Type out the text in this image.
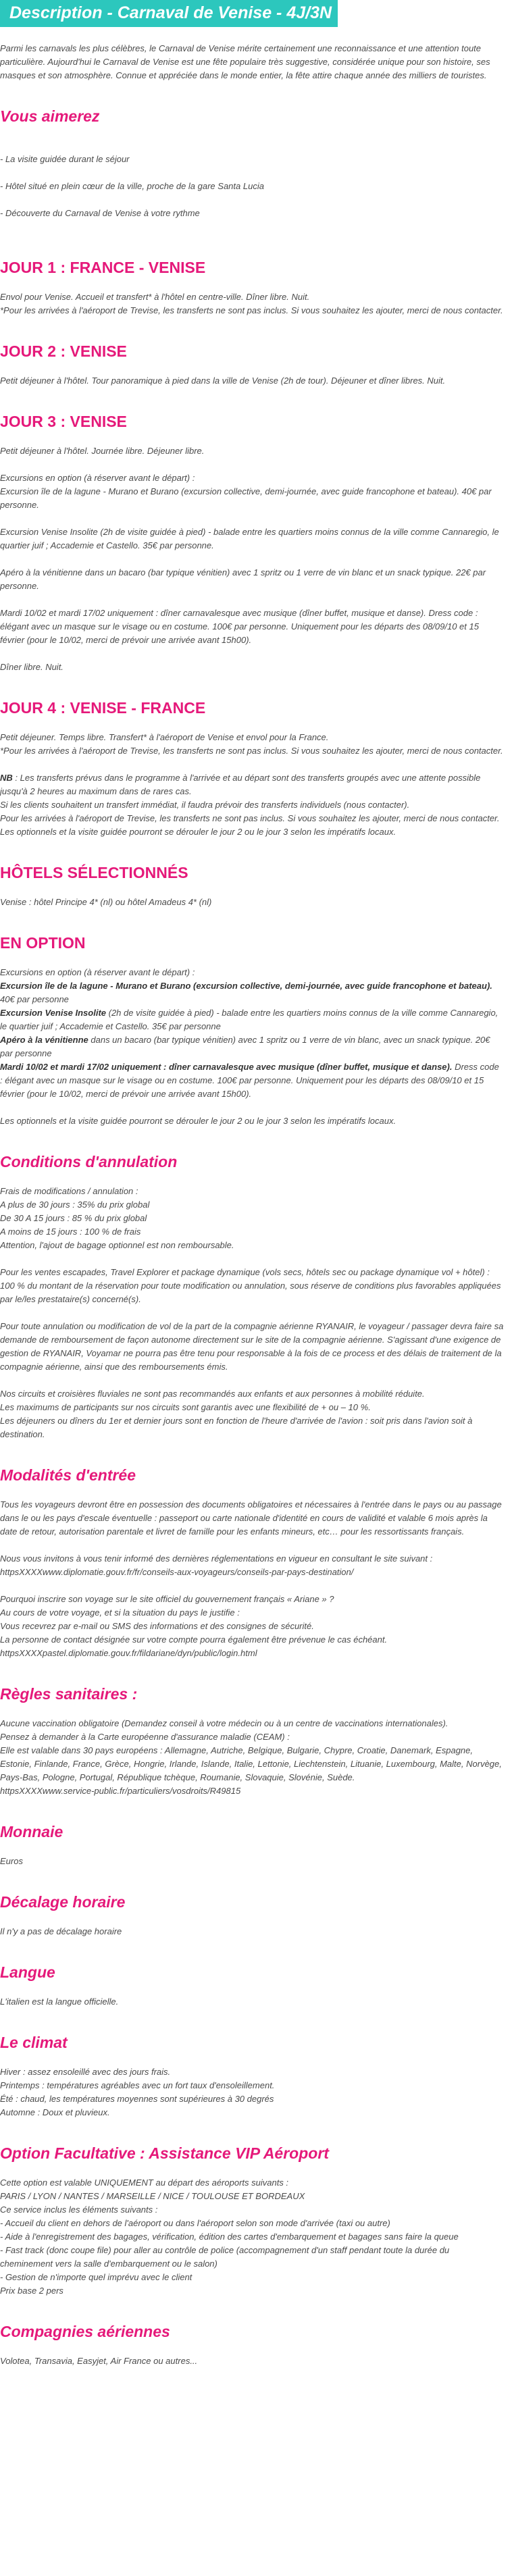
Description - Carnaval de Venise - 4J/3N

Parmi les carnavals les plus célèbres, le Carnaval de Venise mérite certainement une reconnaissance et une attention toute particulière. Aujourd'hui le Carnaval de Venise est une fête populaire très suggestive, considérée unique pour son histoire, ses masques et son atmosphère. Connue et appréciée dans le monde entier, la fête attire chaque année des milliers de touristes.

Vous aimerez

- La visite guidée durant le séjour

- Hôtel situé en plein cœur de la ville, proche de la gare Santa Lucia

- Découverte du Carnaval de Venise à votre rythme

JOUR 1 : FRANCE - VENISE

Envol pour Venise. Accueil et transfert* à l'hôtel en centre-ville. Dîner libre. Nuit.
*Pour les arrivées à l'aéroport de Trevise, les transferts ne sont pas inclus. Si vous souhaitez les ajouter, merci de nous contacter.

JOUR 2 : VENISE

Petit déjeuner à l'hôtel. Tour panoramique à pied dans la ville de Venise (2h de tour). Déjeuner et dîner libres. Nuit.

JOUR 3 : VENISE

Petit déjeuner à l'hôtel. Journée libre. Déjeuner libre.

Excursions en option (à réserver avant le départ) :
Excursion île de la lagune - Murano et Burano (excursion collective, demi-journée, avec guide francophone et bateau). 40€ par personne.

Excursion Venise Insolite (2h de visite guidée à pied) - balade entre les quartiers moins connus de la ville comme Cannaregio, le quartier juif ; Accademie et Castello. 35€ par personne.

Apéro à la vénitienne dans un bacaro (bar typique vénitien) avec 1 spritz ou 1 verre de vin blanc et un snack typique. 22€ par personne.

Mardi 10/02 et mardi 17/02 uniquement : dîner carnavalesque avec musique (dîner buffet, musique et danse). Dress code : élégant avec un masque sur le visage ou en costume. 100€ par personne. Uniquement pour les départs des 08/09/10 et 15 février (pour le 10/02, merci de prévoir une arrivée avant 15h00).

Dîner libre. Nuit.

JOUR 4 : VENISE - FRANCE

Petit déjeuner. Temps libre. Transfert* à l'aéroport de Venise et envol pour la France.
*Pour les arrivées à l'aéroport de Trevise, les transferts ne sont pas inclus. Si vous souhaitez les ajouter, merci de nous contacter.

NB : Les transferts prévus dans le programme à l'arrivée et au départ sont des transferts groupés avec une attente possible jusqu'à 2 heures au maximum dans de rares cas.
Si les clients souhaitent un transfert immédiat, il faudra prévoir des transferts individuels (nous contacter).
Pour les arrivées à l'aéroport de Trevise, les transferts ne sont pas inclus. Si vous souhaitez les ajouter, merci de nous contacter.
Les optionnels et la visite guidée pourront se dérouler le jour 2 ou le jour 3 selon les impératifs locaux.

HÔTELS SÉLECTIONNÉS

Venise : hôtel Principe 4* (nl) ou hôtel Amadeus 4* (nl)

EN OPTION

Excursions en option (à réserver avant le départ) :

Excursion île de la lagune - Murano et Burano (excursion collective, demi-journée, avec guide francophone et bateau). 40€ par personne

Excursion Venise Insolite (2h de visite guidée à pied) - balade entre les quartiers moins connus de la ville comme Cannaregio, le quartier juif ; Accademie et Castello. 35€ par personne

Apéro à la vénitienne dans un bacaro (bar typique vénitien) avec 1 spritz ou 1 verre de vin blanc, avec un snack typique. 20€ par personne

Mardi 10/02 et mardi 17/02 uniquement : dîner carnavalesque avec musique (dîner buffet, musique et danse). Dress code : élégant avec un masque sur le visage ou en costume. 100€ par personne. Uniquement pour les départs des 08/09/10 et 15 février (pour le 10/02, merci de prévoir une arrivée avant 15h00).

Les optionnels et la visite guidée pourront se dérouler le jour 2 ou le jour 3 selon les impératifs locaux.

Conditions d'annulation

Frais de modifications / annulation :
A plus de 30 jours : 35% du prix global
De 30 A 15 jours : 85 % du prix global
A moins de 15 jours : 100 % de frais
Attention, l'ajout de bagage optionnel est non remboursable.

Pour les ventes escapades, Travel Explorer et package dynamique (vols secs, hôtels sec ou package dynamique vol + hôtel) : 100 % du montant de la réservation pour toute modification ou annulation, sous réserve de conditions plus favorables appliquées par le/les prestataire(s) concerné(s).

Pour toute annulation ou modification de vol de la part de la compagnie aérienne RYANAIR, le voyageur / passager devra faire sa demande de remboursement de façon autonome directement sur le site de la compagnie aérienne. S'agissant d'une exigence de gestion de RYANAIR, Voyamar ne pourra pas être tenu pour responsable à la fois de ce process et des délais de traitement de la compagnie aérienne, ainsi que des remboursements émis.

Nos circuits et croisières fluviales ne sont pas recommandés aux enfants et aux personnes à mobilité réduite.
Les maximums de participants sur nos circuits sont garantis avec une flexibilité de + ou – 10 %.
Les déjeuners ou dîners du 1er et dernier jours sont en fonction de l'heure d'arrivée de l'avion : soit pris dans l'avion soit à destination.

Modalités d'entrée

Tous les voyageurs devront être en possession des documents obligatoires et nécessaires à l'entrée dans le pays ou au passage dans le ou les pays d'escale éventuelle : passeport ou carte nationale d'identité en cours de validité et valable 6 mois après la date de retour, autorisation parentale et livret de famille pour les enfants mineurs, etc… pour les ressortissants français.

Nous vous invitons à vous tenir informé des dernières réglementations en vigueur en consultant le site suivant : httpsXXXXwww.diplomatie.gouv.fr/fr/conseils-aux-voyageurs/conseils-par-pays-destination/

Pourquoi inscrire son voyage sur le site officiel du gouvernement français « Ariane » ?
Au cours de votre voyage, et si la situation du pays le justifie :
Vous recevrez par e-mail ou SMS des informations et des consignes de sécurité.
La personne de contact désignée sur votre compte pourra également être prévenue le cas échéant.
httpsXXXXpastel.diplomatie.gouv.fr/fildariane/dyn/public/login.html

Règles sanitaires :

Aucune vaccination obligatoire (Demandez conseil à votre médecin ou à un centre de vaccinations internationales).
Pensez à demander à la Carte européenne d'assurance maladie (CEAM) :
Elle est valable dans 30 pays européens : Allemagne, Autriche, Belgique, Bulgarie, Chypre, Croatie, Danemark, Espagne, Estonie, Finlande, France, Grèce, Hongrie, Irlande, Islande, Italie, Lettonie, Liechtenstein, Lituanie, Luxembourg, Malte, Norvège, Pays-Bas, Pologne, Portugal, République tchèque, Roumanie, Slovaquie, Slovénie, Suède.
httpsXXXXwww.service-public.fr/particuliers/vosdroits/R49815

Monnaie

Euros

Décalage horaire

Il n'y a pas de décalage horaire

Langue

L'italien est la langue officielle.

Le climat

Hiver : assez ensoleillé avec des jours frais.
Printemps : températures agréables avec un fort taux d'ensoleillement.
Été : chaud, les températures moyennes sont supérieures à 30 degrés
Automne : Doux et pluvieux.

Option Facultative : Assistance VIP Aéroport

Cette option est valable UNIQUEMENT au départ des aéroports suivants :
PARIS / LYON / NANTES / MARSEILLE / NICE / TOULOUSE ET BORDEAUX
Ce service inclus les éléments suivants :
- Accueil du client en dehors de l'aéroport ou dans l'aéroport selon son mode d'arrivée (taxi ou autre)
- Aide à l'enregistrement des bagages, vérification, édition des cartes d'embarquement et bagages sans faire la queue
- Fast track (donc coupe file) pour aller au contrôle de police (accompagnement d'un staff pendant toute la durée du cheminement vers la salle d'embarquement ou le salon)
- Gestion de n'importe quel imprévu avec le client
Prix base 2 pers

Compagnies aériennes

Volotea, Transavia, Easyjet, Air France ou autres...
